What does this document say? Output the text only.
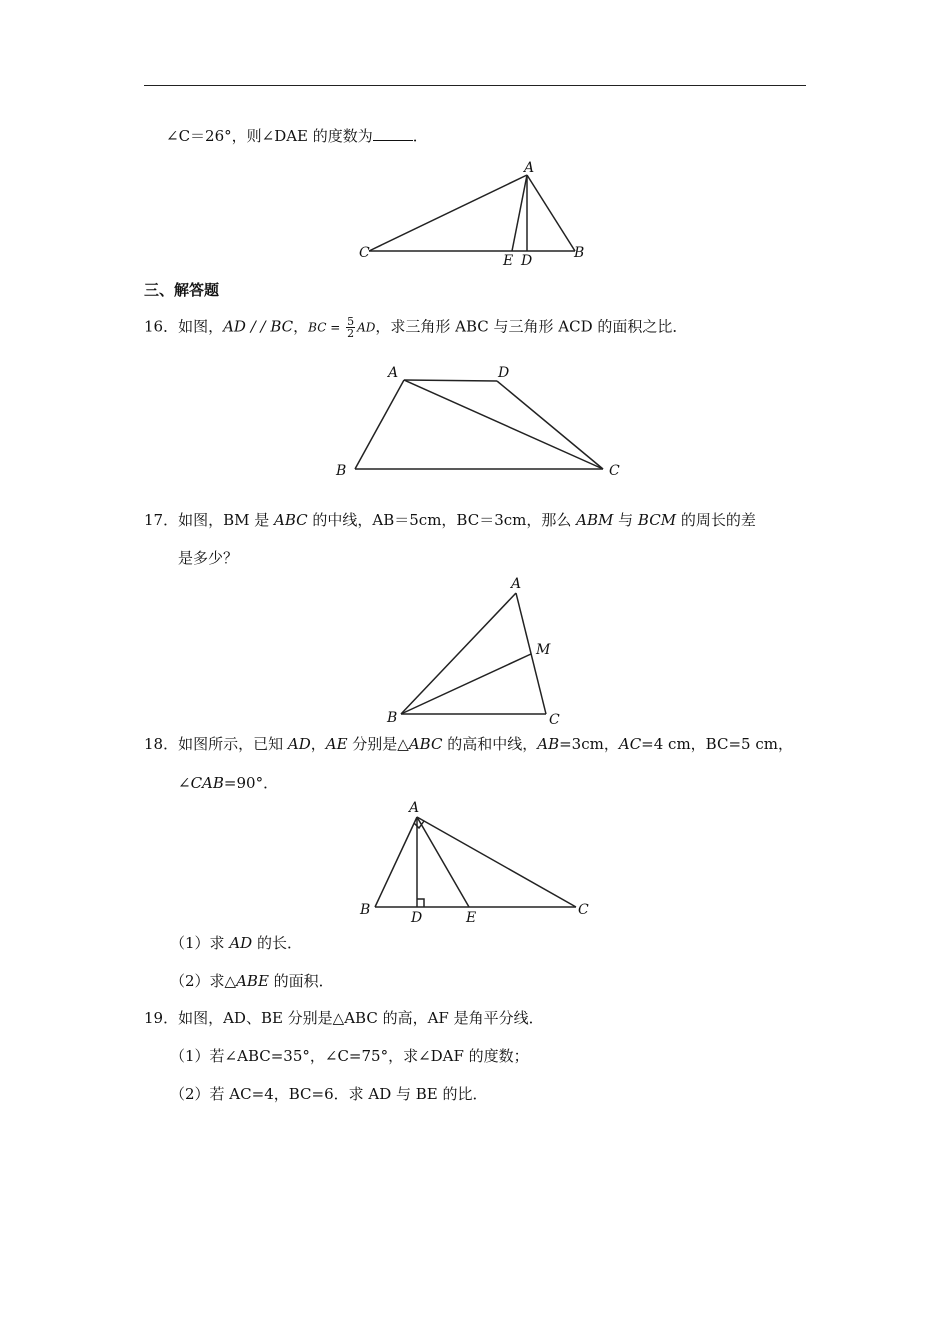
∠C＝26°，则∠DAE 的度数为	．
A
C	B
E D
三、解答题
16．如图，AD / / BC，BC = $\frac{5}{2}$ AD，求三角形 ABC 与三角形 ACD 的面积之比．
A	D
B	C
17．如图，BM 是 ABC 的中线，AB＝5cm，BC＝3cm，那么 ABM 与 BCM 的周长的差
是多少？
A
M
B	C
18．如图所示，已知 AD，AE 分别是△ABC 的高和中线，AB=3cm，AC=4 cm，BC=5 cm，
∠CAB=90°．
A
B	D	E	C
（1）求 AD 的长．
（2）求△ABE 的面积．
19．如图，AD、BE 分别是△ABC 的高，AF 是角平分线．
（1）若∠ABC=35°，∠C=75°，求∠DAF 的度数；
（2）若 AC=4，BC=6．求 AD 与 BE 的比．
